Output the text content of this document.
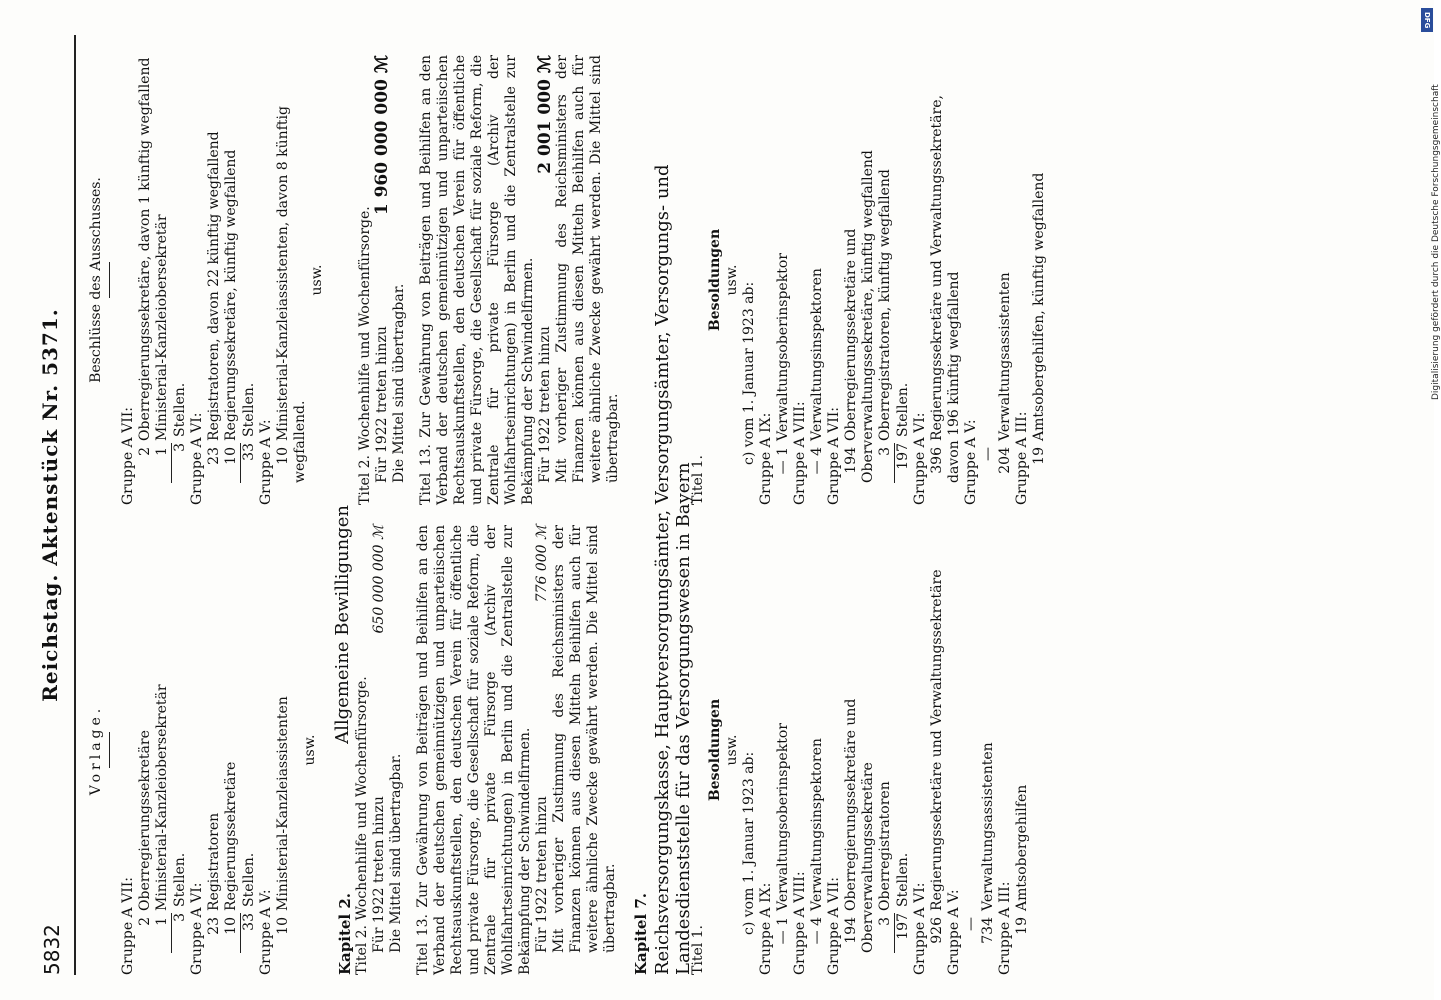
5832
Reichstag. Aktenstück Nr. 5371.

Vorlage.

Gruppe A VII: 2Oberregierungssekretäre

1Ministerial-Kanzleiobersekretär

3Stellen.

Gruppe A VI: 23Registratoren

10Regierungssekretäre

33Stellen.

Gruppe A V: 10Ministerial-Kanzleiassistenten usw.

Kapitel 2. Titel 2. Wochenhilfe und Wochenfürsorge. Für 1922 treten hinzu
650 000 000 ℳ

Die Mittel sind übertragbar. Titel 13. Zur Gewährung von Beiträgen und Beihilfen an den Verband der deutschen gemeinnützigen und unparteiischen Rechtsauskunftstellen, den deutschen Verein für öffentliche und private Fürsorge, die Gesellschaft für soziale Reform, die Zentrale für private Fürsorge (Archiv der Wohlfahrtseinrichtungen) in Berlin und die Zentralstelle zur Bekämpfung der Schwindelfirmen. Für 1922 treten hinzu
776 000 ℳ Mit vorheriger Zustimmung des Reichsministers der Finanzen können aus diesen Mitteln Beihilfen auch für weitere ähnliche Zwecke gewährt werden. Die Mittel sind übertragbar.

Beschlüsse des Ausschusses.

Gruppe A VII: 2Oberregierungssekretäre, davon 1 künftig wegfallend

1Ministerial-Kanzleiobersekretär

3Stellen.

Gruppe A VI: 23Registratoren, davon 22 künftig wegfallend

10Regierungssekretäre, künftig wegfallend

33Stellen.

Gruppe A V: 10Ministerial-Kanzleiassistenten, davon 8 künftig wegfallend.

usw.

Allgemeine Bewilligungen

Titel 2. Wochenhilfe und Wochenfürsorge. Für 1922 treten hinzu
1 960 000 000 ℳ

Die Mittel sind übertragbar. Titel 13. Zur Gewährung von Beiträgen und Beihilfen an den Verband der deutschen gemeinnützigen und unparteiischen Rechtsauskunftstellen, den deutschen Verein für öffentliche und private Fürsorge, die Gesellschaft für soziale Reform, die Zentrale für private Fürsorge (Archiv der Wohlfahrtseinrichtungen) in Berlin und die Zentralstelle zur Bekämpfung der Schwindelfirmen. Für 1922 treten hinzu
2 001 000 ℳ Mit vorheriger Zustimmung des Reichsministers der Finanzen können aus diesen Mitteln Beihilfen auch für weitere ähnliche Zwecke gewährt werden. Die Mittel sind übertragbar.

Kapitel 7. Reichsversorgungskasse, Hauptversorgungsämter, Versorgungsämter, Versorgungs- und Landesdienststelle für das Versorgungswesen in Bayern

Titel 1.

Besoldungen usw.

c) vom 1. Januar 1923 ab: Gruppe A IX: — 1Verwaltungsoberinspektor

Gruppe A VIII: — 4Verwaltungsinspektoren

Gruppe A VII: 194Oberregierungssekretäre und Oberverwaltungssekretäre 3Oberregistratoren

197Stellen.

Gruppe A VI: 926Regierungssekretäre und Verwaltungssekretäre

Gruppe A V: — 734Verwaltungsassistenten

Gruppe A III: 19Amtsobergehilfen

Titel 1.

Besoldungen usw.

c) vom 1. Januar 1923 ab: Gruppe A IX: — 1Verwaltungsoberinspektor

Gruppe A VIII: — 4Verwaltungsinspektoren

Gruppe A VII: 194Oberregierungssekretäre und Oberverwaltungssekretäre, künftig wegfallend 3Oberregistratoren, künftig wegfallend

197Stellen.

Gruppe A VI: 396Regierungssekretäre und Verwaltungssekretäre, davon 196 künftig wegfallend Gruppe A V: — 204Verwaltungsassistenten

Gruppe A III: 19Amtsobergehilfen, künftig wegfallend

DFG
Digitalisierung gefördert durch die Deutsche Forschungsgemeinschaft
